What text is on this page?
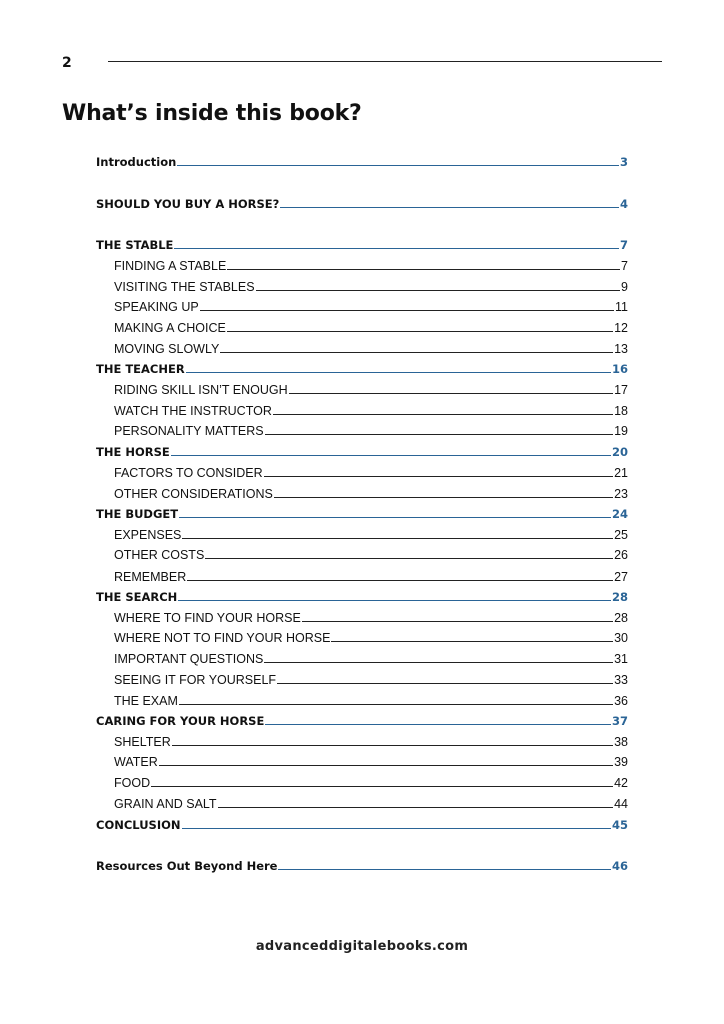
2
What’s inside this book?
Introduction	3
SHOULD YOU BUY A HORSE?	4
THE STABLE	7
FINDING A STABLE	7
VISITING THE STABLES	9
SPEAKING UP	11
MAKING A CHOICE	12
MOVING SLOWLY	13
THE TEACHER	16
RIDING SKILL ISN’T ENOUGH	17
WATCH THE INSTRUCTOR	18
PERSONALITY MATTERS	19
THE HORSE	20
FACTORS TO CONSIDER	21
OTHER CONSIDERATIONS	23
THE BUDGET	24
EXPENSES	25
OTHER COSTS	26
REMEMBER	27
THE SEARCH	28
WHERE TO FIND YOUR HORSE	28
WHERE NOT TO FIND YOUR HORSE	30
IMPORTANT QUESTIONS	31
SEEING IT FOR YOURSELF	33
THE EXAM	36
CARING FOR YOUR HORSE	37
SHELTER	38
WATER	39
FOOD	42
GRAIN AND SALT	44
CONCLUSION	45
Resources Out Beyond Here	46
advanceddigitalebooks.com
